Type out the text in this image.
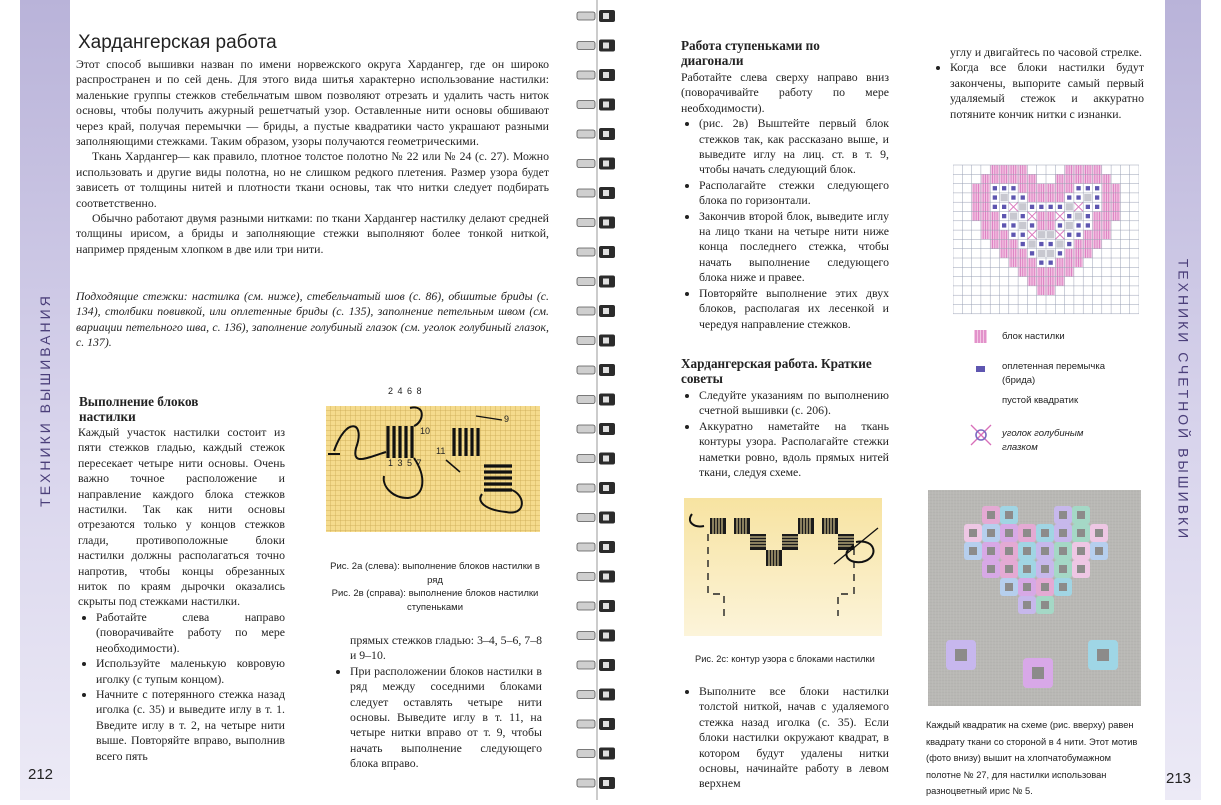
ТЕХНИКИ ВЫШИВАНИЯ
212
Хардангерская работа

Этот способ вышивки назван по имени норвежского округа Хардангер, где он широко распространен и по сей день. Для этого вида шитья характерно использование настилки: маленькие группы стежков стебельчатым швом позволяют отрезать и удалить часть ниток основы, чтобы получить ажурный решетчатый узор. Оставленные нити основы обшивают через край, получая перемычки — бриды, а пустые квадратики часто украшают разными заполняющими стежками. Таким образом, узоры получаются геометрическими.

Ткань Хардангер— как правило, плотное толстое полотно № 22 или № 24 (с. 27). Можно использовать и другие виды полотна, но не слишком редкого плетения. Размер узора будет зависеть от толщины нитей и плотности ткани основы, так что нитки следует подбирать соответственно.

Обычно работают двумя разными нитками: по ткани Хардангер настилку делают средней толщины ирисом, а бриды и заполняющие стежки выполняют более тонкой ниткой, например пряденым хлопком в две или три нити.

Подходящие стежки: настилка (см. ниже), стебельчатый шов (с. 86), обшитые бриды (с. 134), столбики повивкой, или оплетенные бриды (с. 135), заполнение петельным швом (см. вариации петельного шва, с. 136), заполнение голубиный глазок (см. уголок голубиный глазок, с. 137).
Выполнение блоков настилки

Каждый участок настилки состоит из пяти стежков гладью, каждый стежок пересекает четыре нити основы. Очень важно точное расположение и направление каждого блока стежков настилки. Так как нити основы отрезаются только у концов стежков глади, противоположные блоки настилки должны располагаться точно напротив, чтобы концы обрезанных ниток по краям дырочки оказались скрыты под стежками настилки.

• Работайте слева направо (поворачивайте работу по мере необходимости).
• Используйте маленькую ковровую иголку (с тупым концом).
• Начните с потерянного стежка назад иголка (с. 35) и выведите иглу в т. 1. Введите иглу в т. 2, на четыре нити выше. Повторяйте вправо, выполнив всего пять
2 4 6 8
1 3 5 7
9
10
11
Рис. 2а (слева): выполнение блоков настилки в ряд
Рис. 2в (справа): выполнение блоков настилки ступеньками

прямых стежков гладью: 3–4, 5–6, 7–8 и 9–10.

• При расположении блоков настилки в ряд между соседними блоками следует оставлять четыре нити основы. Выведите иглу в т. 11, на четыре нитки вправо от т. 9, чтобы начать выполнение следующего блока вправо.
ТЕХНИКИ СЧЕТНОЙ ВЫШИВКИ
213
Работа ступеньками по диагонали

Работайте слева сверху направо вниз (поворачивайте работу по мере необходимости).

• (рис. 2в) Выштейте первый блок стежков так, как рассказано выше, и выведите иглу на лиц. ст. в т. 9, чтобы начать следующий блок.
• Располагайте стежки следующего блока по горизонтали.
• Закончив второй блок, выведите иглу на лицо ткани на четыре нити ниже конца последнего стежка, чтобы начать выполнение следующего блока ниже и правее.
• Повторяйте выполнение этих двух блоков, располагая их лесенкой и чередуя направление стежков.
Хардангерская работа. Краткие советы
• Следуйте указаниям по выполнению счетной вышивки (с. 206).
• Аккуратно наметайте на ткань контуры узора. Располагайте стежки наметки ровно, вдоль прямых нитей ткани, следуя схеме.
Рис. 2с: контур узора с блоками настилки
• Выполните все блоки настилки толстой ниткой, начав с удаляемого стежка назад иголка (с. 35). Если блоки настилки окружают квадрат, в котором будут удалены нитки основы, начинайте работу в левом верхнем

углу и двигайтесь по часовой стрелке.

• Когда все блоки настилки будут закончены, выпорите самый первый удаляемый стежок и аккуратно потяните кончик нитки с изнанки.
блок настилки
оплетенная перемычка (брида)
пустой квадратик
уголок голубиным глазком
Каждый квадратик на схеме (рис. вверху) равен квадрату ткани со стороной в 4 нити. Этот мотив (фото внизу) вышит на хлопчатобумажном полотне № 27, для настилки использован разноцветный ирис № 5.
